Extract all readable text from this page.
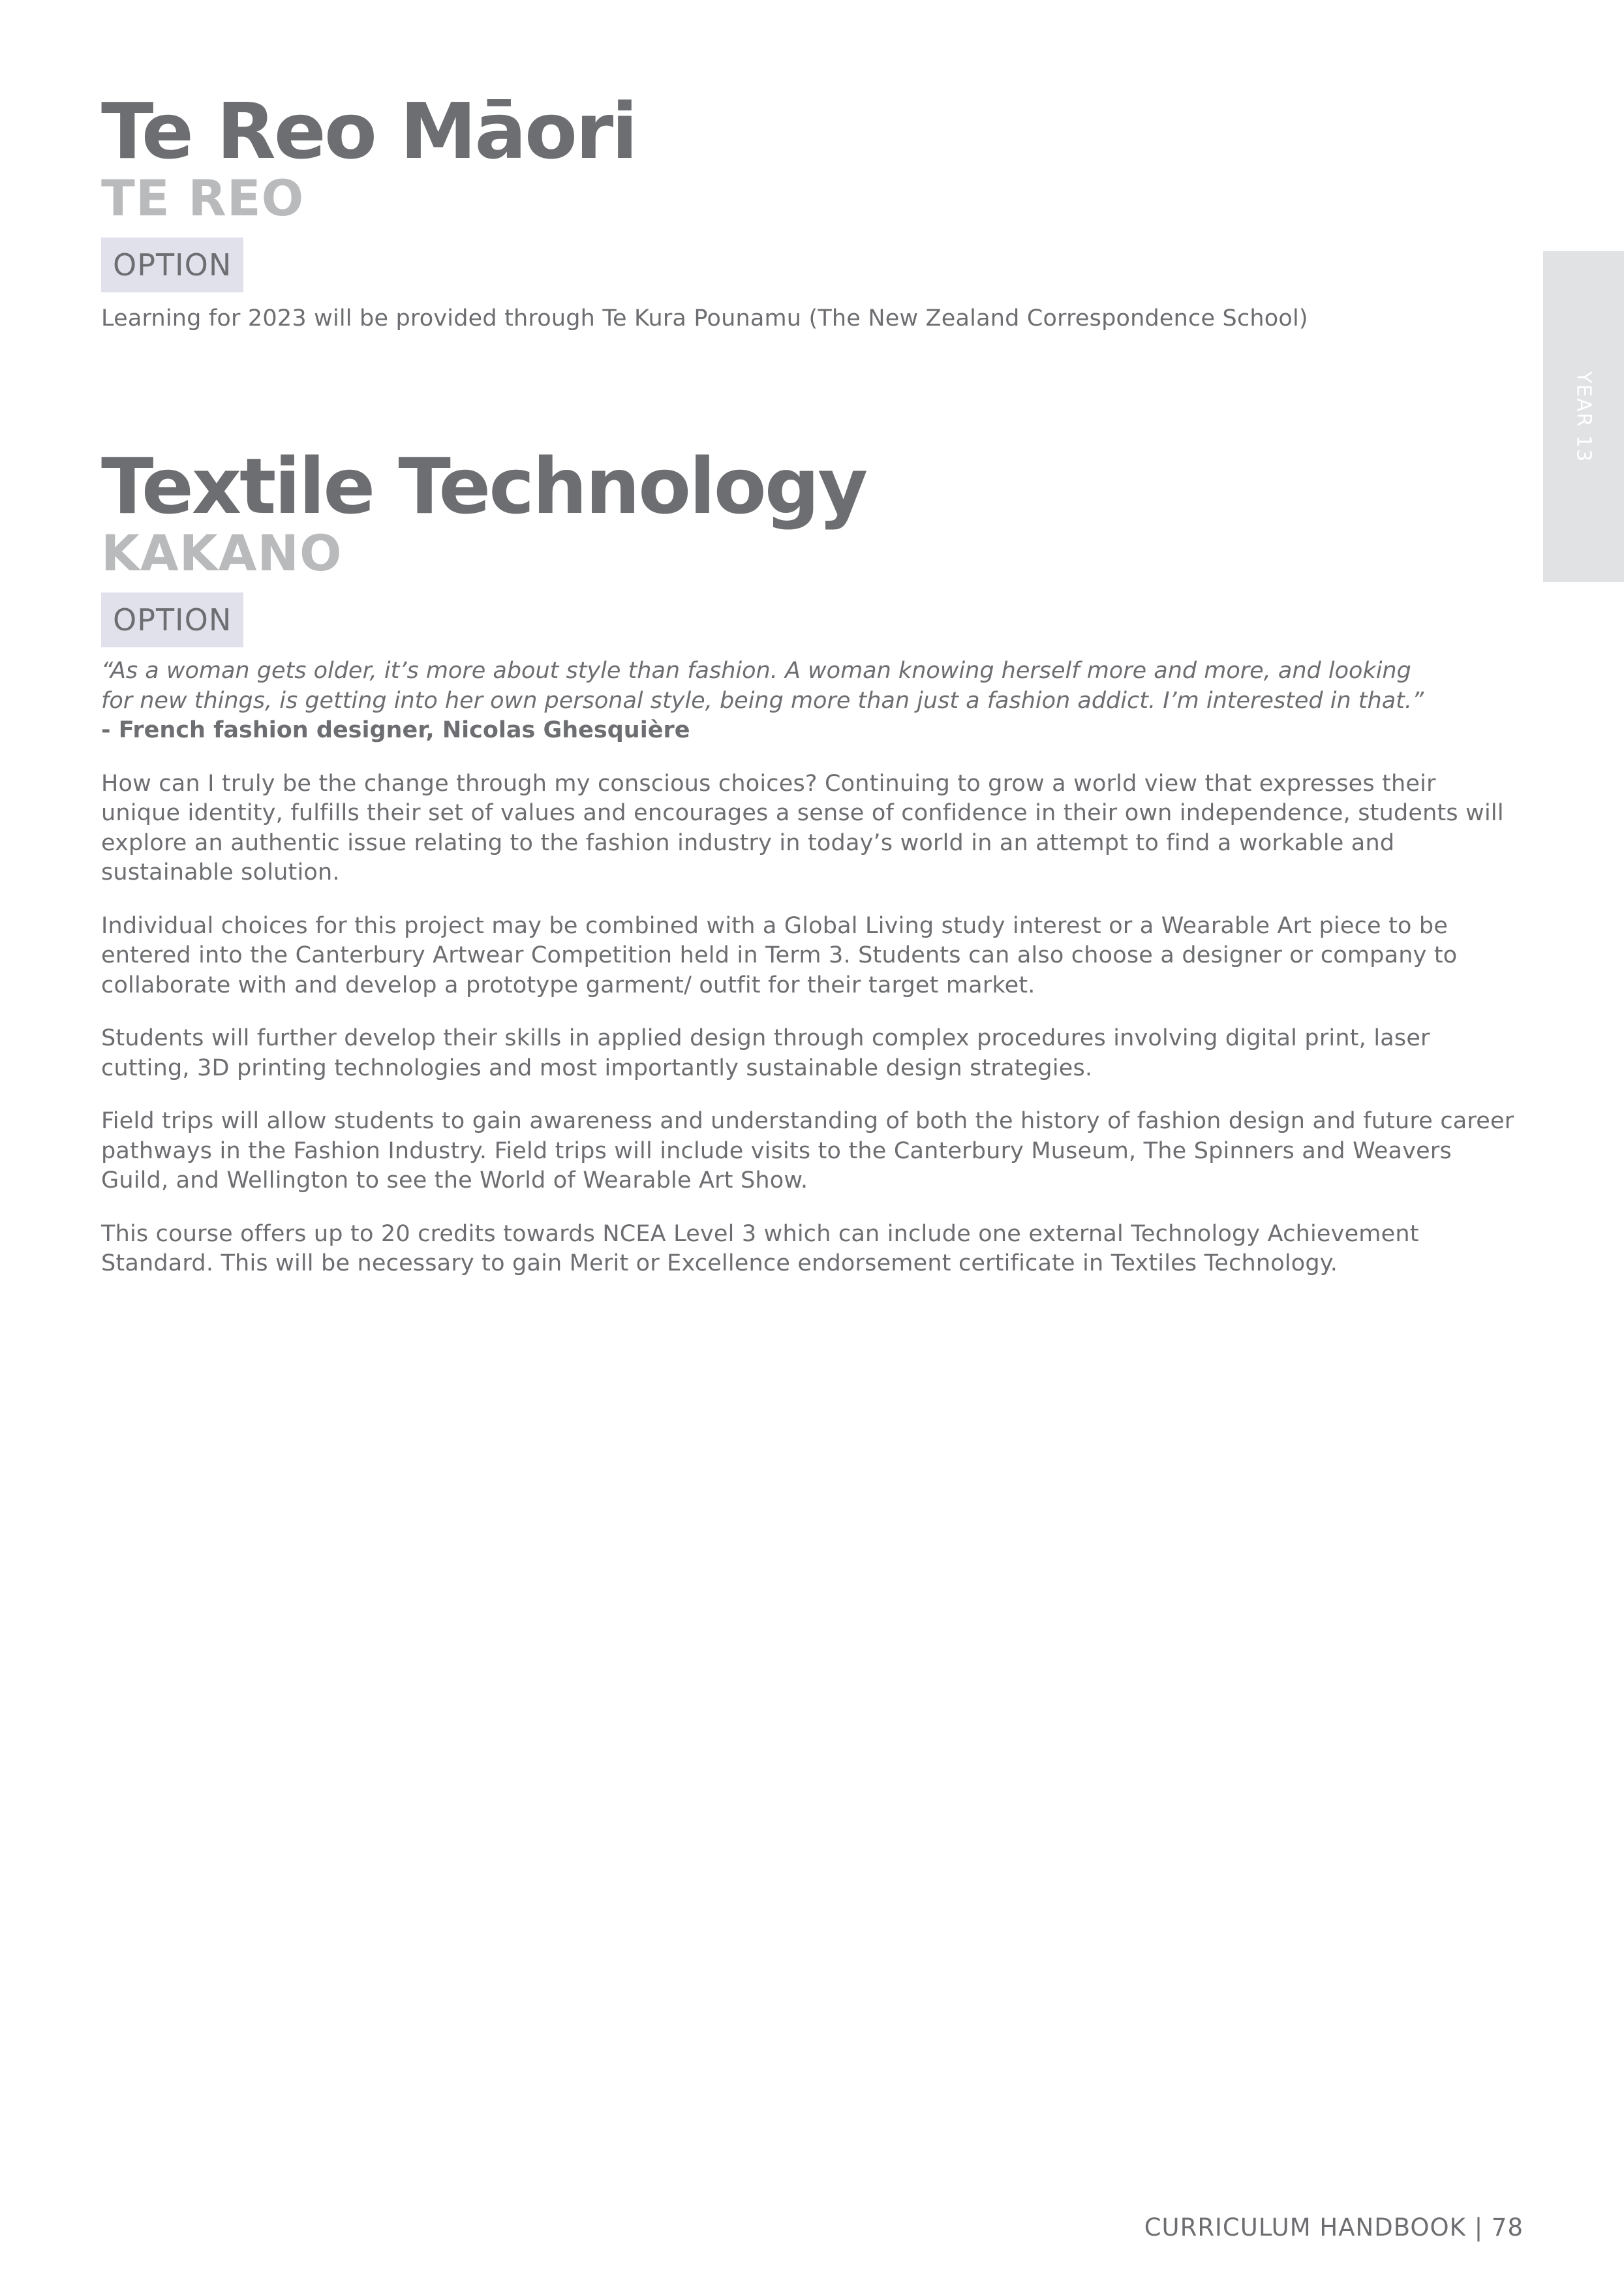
Te Reo Māori
TE REO
OPTION

Learning for 2023 will be provided through Te Kura Pounamu (The New Zealand Correspondence School)

Textile Technology
KAKANO
OPTION

“As a woman gets older, it’s more about style than fashion. A woman knowing herself more and more, and looking

for new things, is getting into her own personal style, being more than just a fashion addict. I’m interested in that.”

- French fashion designer, Nicolas Ghesquière

How can I truly be the change through my conscious choices? Continuing to grow a world view that expresses their unique identity, fulfills their set of values and encourages a sense of confidence in their own independence, students will explore an authentic issue relating to the fashion industry in today’s world in an attempt to find a workable and sustainable solution.

Individual choices for this project may be combined with a Global Living study interest or a Wearable Art piece to be entered into the Canterbury Artwear Competition held in Term 3. Students can also choose a designer or company to collaborate with and develop a prototype garment/ outfit for their target market.

Students will further develop their skills in applied design through complex procedures involving digital print, laser cutting, 3D printing technologies and most importantly sustainable design strategies.

Field trips will allow students to gain awareness and understanding of both the history of fashion design and future career pathways in the Fashion Industry. Field trips will include visits to the Canterbury Museum, The Spinners and Weavers Guild, and Wellington to see the World of Wearable Art Show.

This course offers up to 20 credits towards NCEA Level 3 which can include one external Technology Achievement Standard. This will be necessary to gain Merit or Excellence endorsement certificate in Textiles Technology.

YEAR 13
CURRICULUM HANDBOOK | 78
